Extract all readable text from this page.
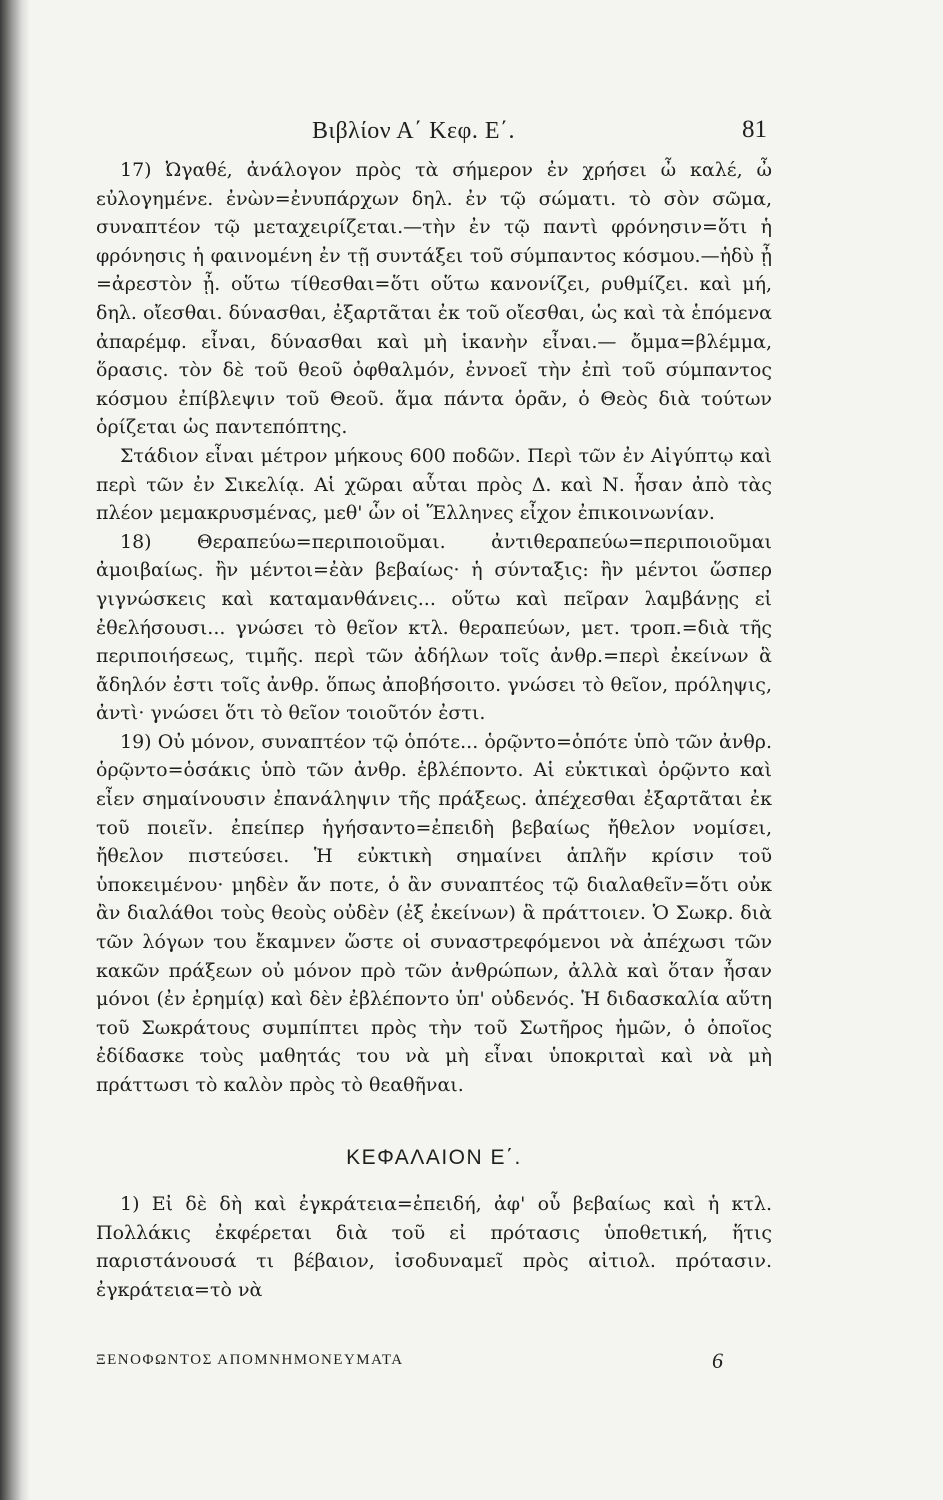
Βιβλίον Α΄ Κεφ. Ε΄.	81

17) Ὠγαθέ, ἀνάλογον πρὸς τὰ σήμερον ἐν χρήσει ὦ καλέ, ὦ εὐλογημένε. ἐνὼν=ἐνυπάρχων δηλ. ἐν τῷ σώματι. τὸ σὸν σῶμα, συναπτέον τῷ μεταχειρίζεται.—τὴν ἐν τῷ παντὶ φρόνησιν=ὅτι ἡ φρόνησις ἡ φαινομένη ἐν τῇ συντάξει τοῦ σύμπαντος κόσμου.—ἡδὺ ᾖ =ἀρεστὸν ᾖ. οὕτω τίθεσθαι=ὅτι οὕτω κανονίζει, ρυθμίζει. καὶ μή, δηλ. οἴεσθαι. δύνασθαι, ἐξαρτᾶται ἐκ τοῦ οἴεσθαι, ὡς καὶ τὰ ἑπόμενα ἀπαρέμφ. εἶναι, δύνασθαι καὶ μὴ ἱκανὴν εἶναι.— ὄμμα=βλέμμα, ὅρασις. τὸν δὲ τοῦ θεοῦ ὀφθαλμόν, ἐννοεῖ τὴν ἐπὶ τοῦ σύμπαντος κόσμου ἐπίβλεψιν τοῦ Θεοῦ. ἅμα πάντα ὁρᾶν, ὁ Θεὸς διὰ τούτων ὁρίζεται ὡς παντεπόπτης.

Στάδιον εἶναι μέτρον μήκους 600 ποδῶν. Περὶ τῶν ἐν Αἰγύπτῳ καὶ περὶ τῶν ἐν Σικελίᾳ. Αἱ χῶραι αὗται πρὸς Δ. καὶ Ν. ἦσαν ἀπὸ τὰς πλέον μεμακρυσμένας, μεθ' ὧν οἱ Ἕλληνες εἶχον ἐπικοινωνίαν.

18) Θεραπεύω=περιποιοῦμαι. ἀντιθεραπεύω=περιποιοῦμαι ἀμοιβαίως. ἢν μέντοι=ἐὰν βεβαίως· ἡ σύνταξις: ἢν μέντοι ὥσπερ γιγνώσκεις καὶ καταμανθάνεις... οὕτω καὶ πεῖραν λαμβάνῃς εἰ ἐθελήσουσι... γνώσει τὸ θεῖον κτλ. θεραπεύων, μετ. τροπ.=διὰ τῆς περιποιήσεως, τιμῆς. περὶ τῶν ἀδήλων τοῖς ἀνθρ.=περὶ ἐκείνων ἃ ἄδηλόν ἐστι τοῖς ἀνθρ. ὅπως ἀποβήσοιτο. γνώσει τὸ θεῖον, πρόληψις, ἀντὶ· γνώσει ὅτι τὸ θεῖον τοιοῦτόν ἐστι.

19) Οὐ μόνον, συναπτέον τῷ ὁπότε... ὁρῷντο=ὁπότε ὑπὸ τῶν ἀνθρ. ὁρῷντο=ὁσάκις ὑπὸ τῶν ἀνθρ. ἐβλέποντο. Αἱ εὐκτικαὶ ὁρῷντο καὶ εἶεν σημαίνουσιν ἐπανάληψιν τῆς πράξεως. ἀπέχεσθαι ἐξαρτᾶται ἐκ τοῦ ποιεῖν. ἐπείπερ ἡγήσαντο=ἐπειδὴ βεβαίως ἤθελον νομίσει, ἤθελον πιστεύσει. Ἡ εὐκτικὴ σημαίνει ἁπλῆν κρίσιν τοῦ ὑποκειμένου· μηδὲν ἄν ποτε, ὁ ἂν συναπτέος τῷ διαλαθεῖν=ὅτι οὐκ ἂν διαλάθοι τοὺς θεοὺς οὐδὲν (ἐξ ἐκείνων) ἃ πράττοιεν. Ὁ Σωκρ. διὰ τῶν λόγων του ἔκαμνεν ὥστε οἱ συναστρεφόμενοι νὰ ἀπέχωσι τῶν κακῶν πράξεων οὐ μόνον πρὸ τῶν ἀνθρώπων, ἀλλὰ καὶ ὅταν ἦσαν μόνοι (ἐν ἐρημίᾳ) καὶ δὲν ἐβλέποντο ὑπ' οὐδενός. Ἡ διδασκαλία αὕτη τοῦ Σωκράτους συμπίπτει πρὸς τὴν τοῦ Σωτῆρος ἡμῶν, ὁ ὁποῖος ἐδίδασκε τοὺς μαθητάς του νὰ μὴ εἶναι ὑποκριταὶ καὶ νὰ μὴ πράττωσι τὸ καλὸν πρὸς τὸ θεαθῆναι.

ΚΕΦΑΛΑΙΟΝ Ε΄.

1) Εἰ δὲ δὴ καὶ ἐγκράτεια=ἐπειδή, ἀφ' οὗ βεβαίως καὶ ἡ κτλ. Πολλάκις ἐκφέρεται διὰ τοῦ εἰ πρότασις ὑποθετική, ἥτις παριστάνουσά τι βέβαιον, ἰσοδυναμεῖ πρὸς αἰτιολ. πρότασιν. ἐγκράτεια=τὸ νὰ

ΞΕΝΟΦΩΝΤΟΣ ΑΠΟΜΝΗΜΟΝΕΥΜΑΤΑ	6
